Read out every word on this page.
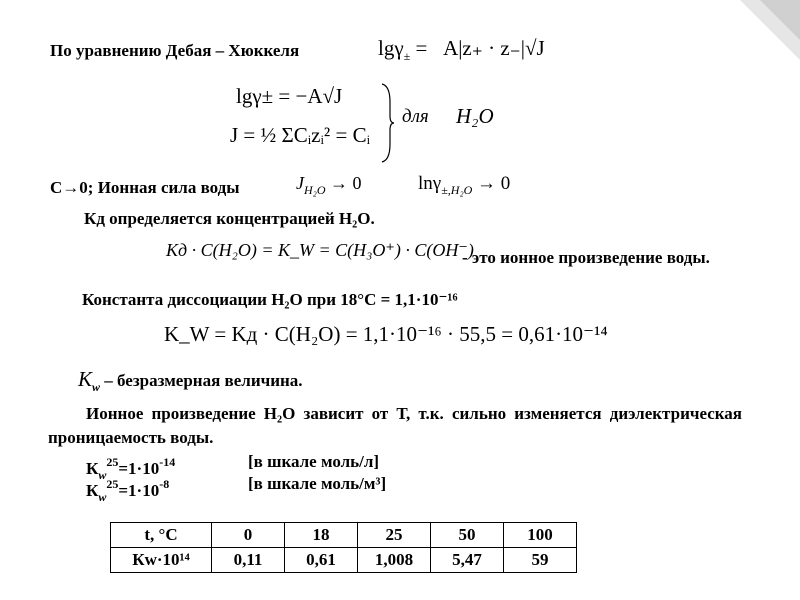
По уравнению Дебая – Хюккеля	lgγ$_\pm$ =   A|z₊ · z₋|√J
lgγ± = −A√J
J = ½ ΣCᵢzᵢ² = Cᵢ
для H₂O
C→0; Ионная сила воды	$J_{H_2O} \to 0$	lnγ$_{\pm,H_2O}$ → 0
Кд определяется концентрацией Н₂О.
Kд · C(H₂O) = K_W = C(H₃O⁺) · C(OH⁻)
- это ионное произведение воды.
Константа диссоциации Н₂О при 18°С = 1,1·10⁻¹⁶
K_W = Kд · C(H₂O) = 1,1·10⁻¹⁶ · 55,5 = 0,61·10⁻¹⁴
$K_w$ – безразмерная величина.
Ионное произведение Н₂О зависит от Т, т.к. сильно изменяется диэлектрическая проницаемость воды.
$К_w^{25}=1\cdot 10^{-14}$	[в шкале моль/л]
$К_w^{25}=1\cdot 10^{-8}$	[в шкале моль/м³]
t, °C	0	18	25	50	100
Кw·10¹⁴	0,11	0,61	1,008	5,47	59
